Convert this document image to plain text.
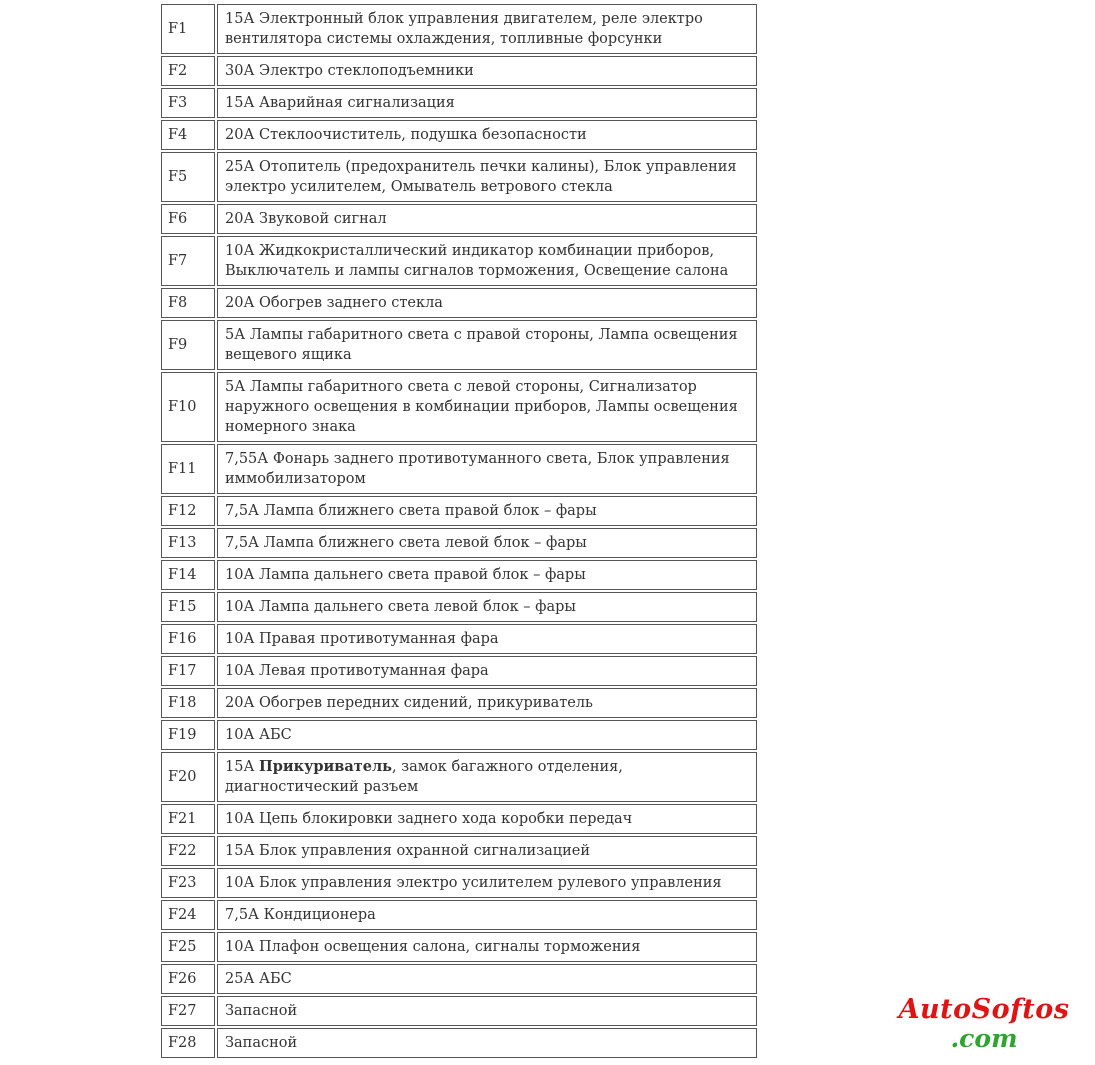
F1	15А Электронный блок управления двигателем, реле электро вентилятора системы охлаждения, топливные форсунки
F2	30А Электро стеклоподъемники
F3	15А Аварийная сигнализация
F4	20А Стеклоочиститель, подушка безопасности
F5	25А Отопитель (предохранитель печки калины), Блок управления электро усилителем, Омыватель ветрового стекла
F6	20А Звуковой сигнал
F7	10А Жидкокристаллический индикатор комбинации приборов, Выключатель и лампы сигналов торможения, Освещение салона
F8	20А Обогрев заднего стекла
F9	5А Лампы габаритного света с правой стороны, Лампа освещения вещевого ящика
F10	5А Лампы габаритного света с левой стороны, Сигнализатор наружного освещения в комбинации приборов, Лампы освещения номерного знака
F11	7,55А Фонарь заднего противотуманного света, Блок управления иммобилизатором
F12	7,5А Лампа ближнего света правой блок – фары
F13	7,5А Лампа ближнего света левой блок – фары
F14	10А Лампа дальнего света правой блок – фары
F15	10А Лампа дальнего света левой блок – фары
F16	10А Правая противотуманная фара
F17	10А Левая противотуманная фара
F18	20А Обогрев передних сидений, прикуриватель
F19	10А АБС
F20	15А Прикуриватель, замок багажного отделения, диагностический разъем
F21	10А Цепь блокировки заднего хода коробки передач
F22	15А Блок управления охранной сигнализацией
F23	10А Блок управления электро усилителем рулевого управления
F24	7,5А Кондиционера
F25	10А Плафон освещения салона, сигналы торможения
F26	25А АБС
F27	Запасной
F28	Запасной
AutoSoftos
.com
